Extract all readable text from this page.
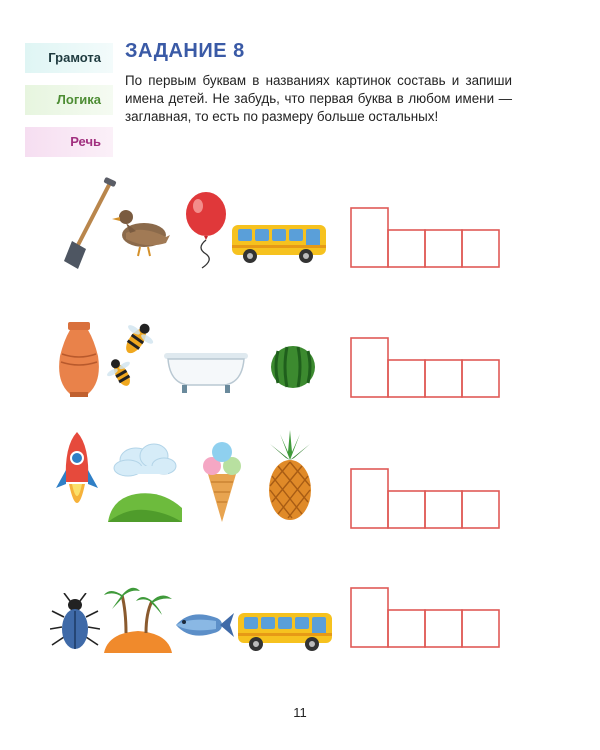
Грамота
Логика
Речь
ЗАДАНИЕ 8
По первым буквам в названиях картинок составь и запиши имена детей. Не забудь, что первая буква в любом имени — заглавная, то есть по размеру больше остальных!
11
